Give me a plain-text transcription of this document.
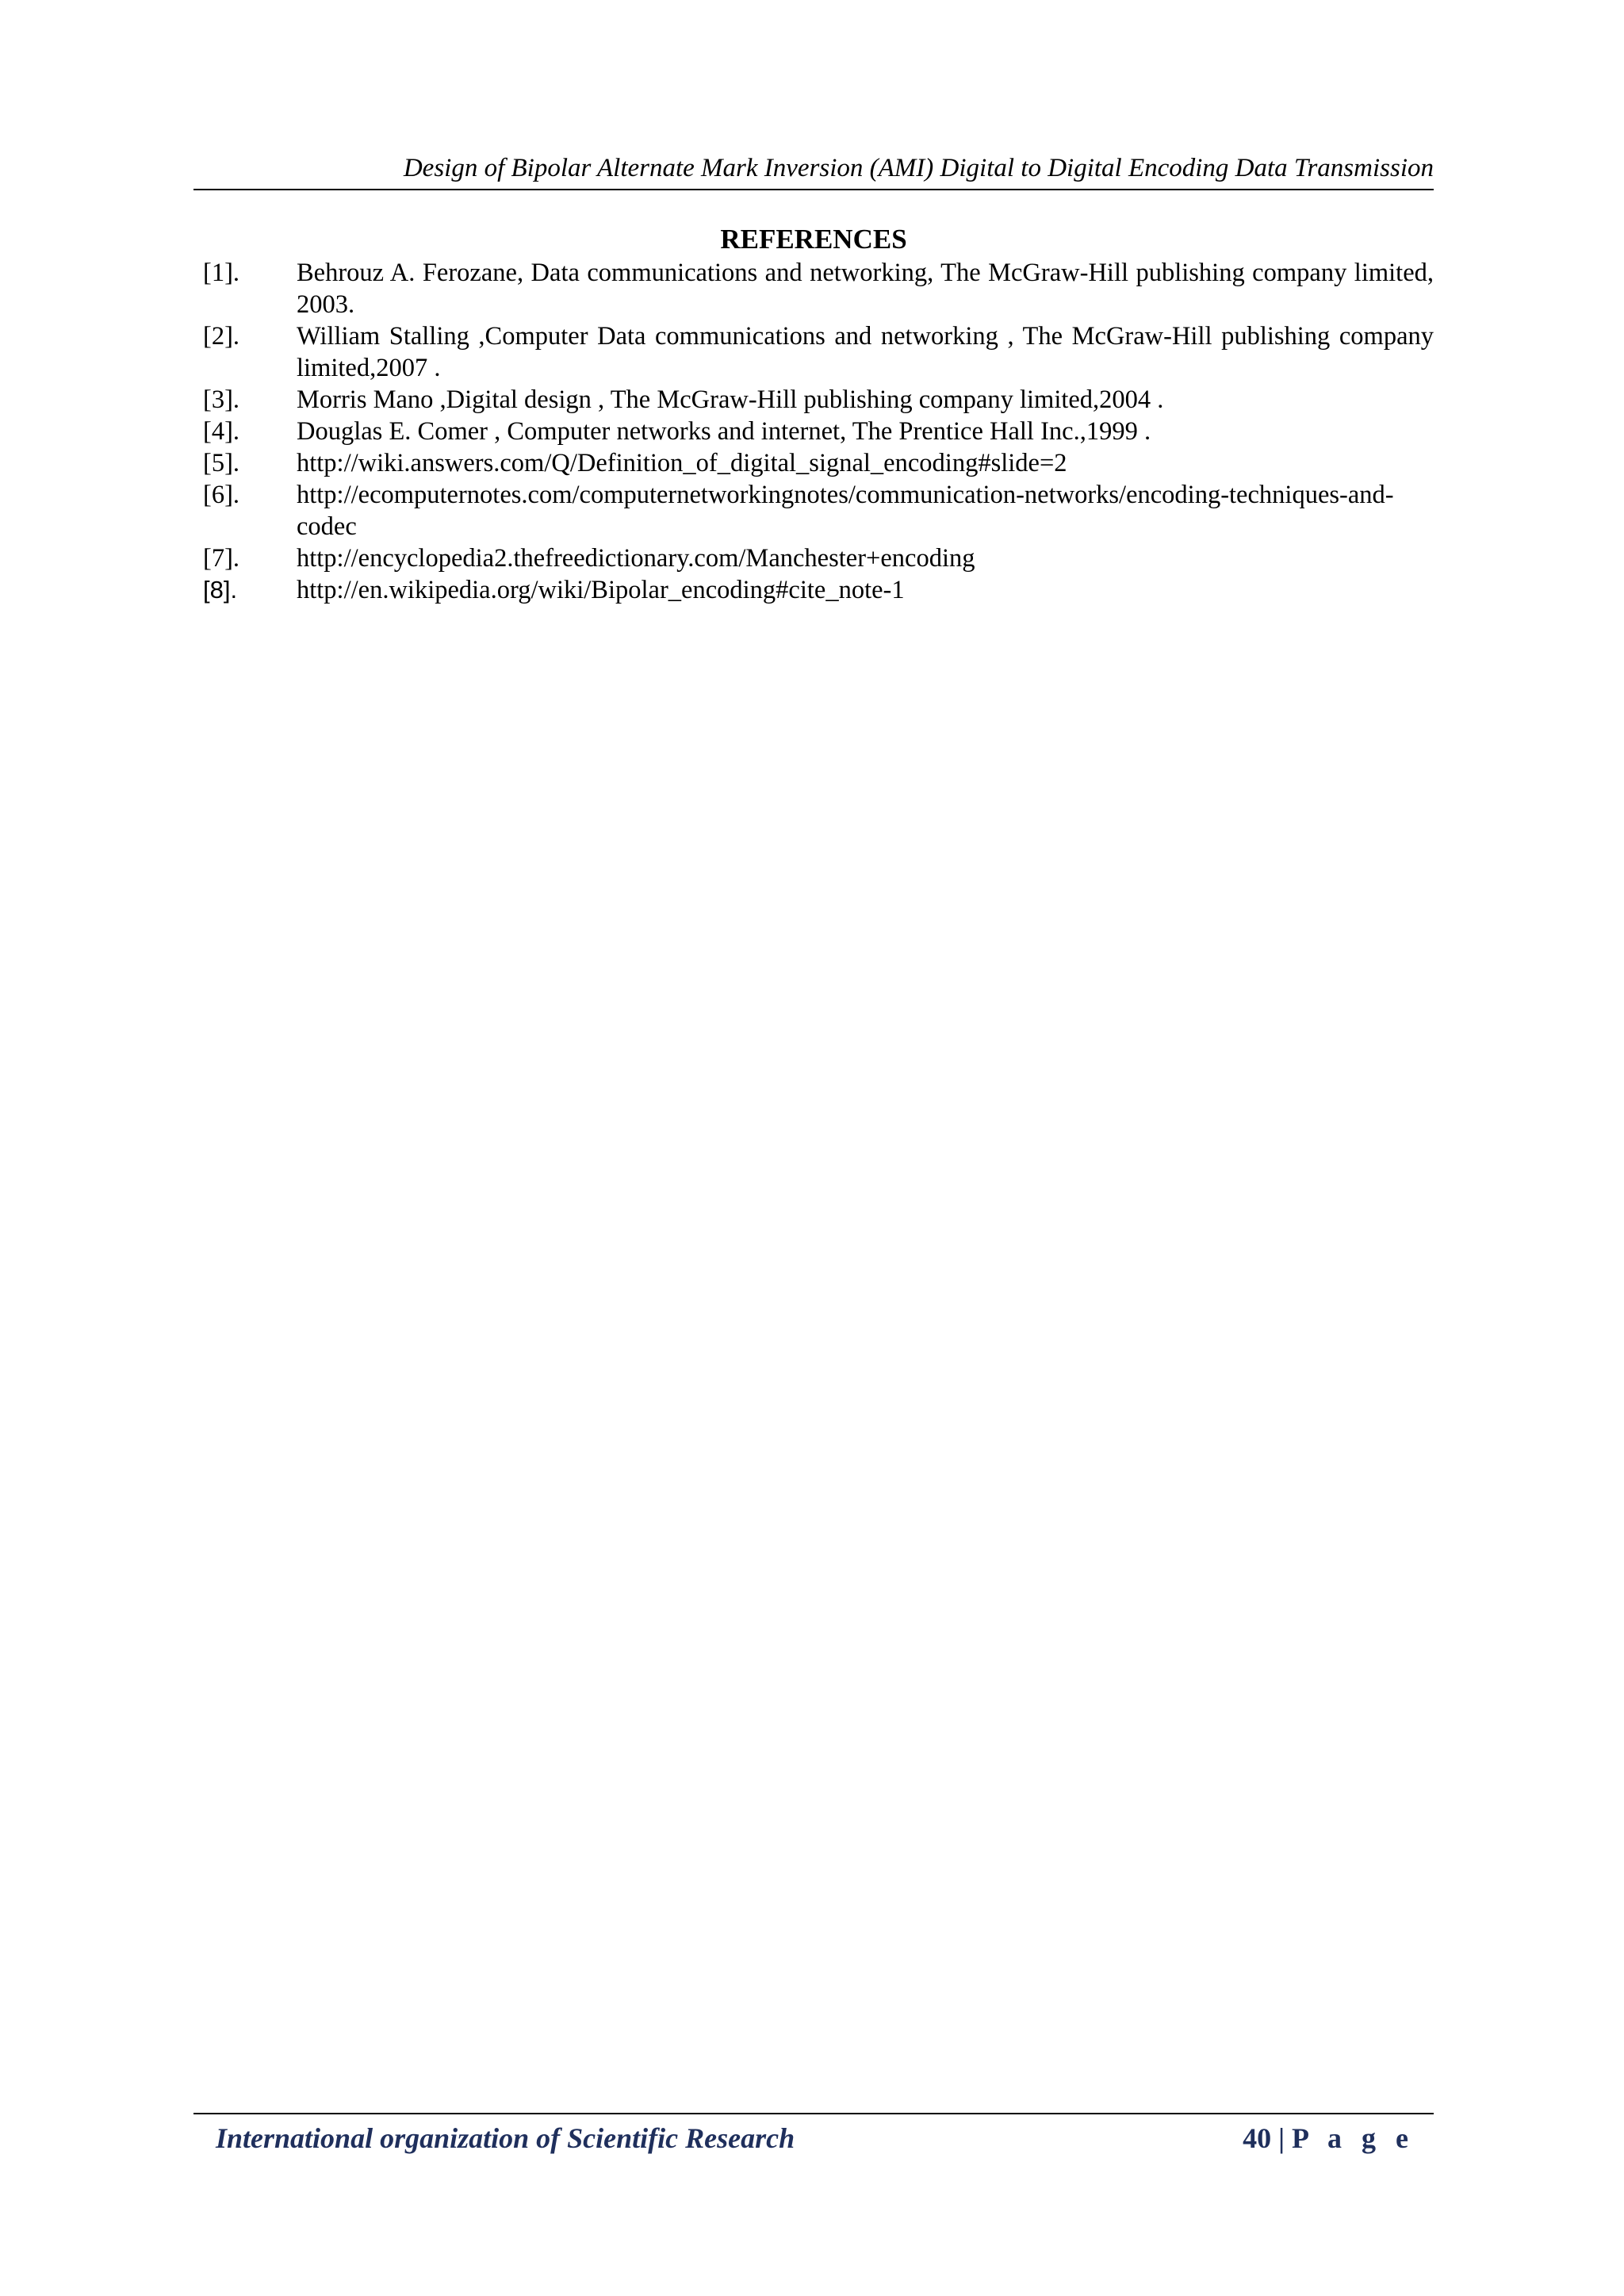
Design of Bipolar Alternate Mark Inversion (AMI) Digital to Digital Encoding Data Transmission
REFERENCES
[1]. Behrouz A. Ferozane, Data communications and networking, The McGraw-Hill publishing company limited, 2003.
[2]. William Stalling ,Computer Data communications and networking , The McGraw-Hill publishing company limited,2007 .
[3]. Morris Mano ,Digital design , The McGraw-Hill publishing company limited,2004 .
[4]. Douglas E. Comer , Computer networks and internet, The Prentice Hall Inc.,1999 .
[5]. http://wiki.answers.com/Q/Definition_of_digital_signal_encoding#slide=2
[6]. http://ecomputernotes.com/computernetworkingnotes/communication-networks/encoding-techniques-and-codec
[7]. http://encyclopedia2.thefreedictionary.com/Manchester+encoding
[8]. http://en.wikipedia.org/wiki/Bipolar_encoding#cite_note-1
International organization of Scientific Research	40 | P a g e
